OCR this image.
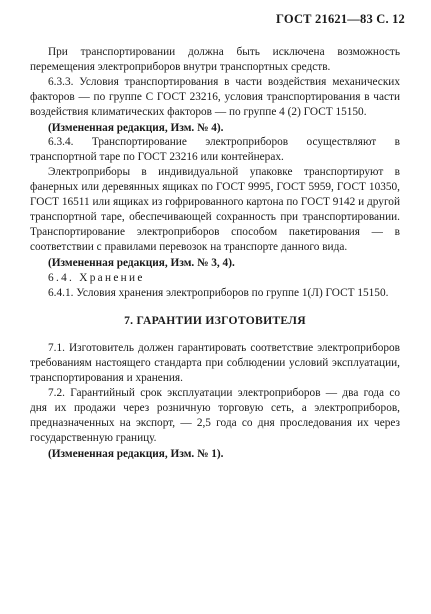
ГОСТ 21621—83 С. 12

При транспортировании должна быть исключена возможность перемещения электроприборов внутри транспортных средств.

6.3.3. Условия транспортирования в части воздействия механических факторов — по группе С ГОСТ 23216, условия транспортирования в части воздействия климатических факторов — по группе 4 (2) ГОСТ 15150.

(Измененная редакция, Изм. № 4).

6.3.4. Транспортирование электроприборов осуществляют в транспортной таре по ГОСТ 23216 или контейнерах.

Электроприборы в индивидуальной упаковке транспортируют в фанерных или деревянных ящиках по ГОСТ 9995, ГОСТ 5959, ГОСТ 10350, ГОСТ 16511 или ящиках из гофрированного картона по ГОСТ 9142 и другой транспортной таре, обеспечивающей сохранность при транспортировании. Транспортирование электроприборов способом пакетирования — в соответствии с правилами перевозок на транспорте данного вида.

(Измененная редакция, Изм. № 3, 4).

6.4. Хранение

6.4.1. Условия хранения электроприборов по группе 1(Л) ГОСТ 15150.

7. ГАРАНТИИ ИЗГОТОВИТЕЛЯ

7.1. Изготовитель должен гарантировать соответствие электроприборов требованиям настоящего стандарта при соблюдении условий эксплуатации, транспортирования и хранения.

7.2. Гарантийный срок эксплуатации электроприборов — два года со дня их продажи через розничную торговую сеть, а электроприборов, предназначенных на экспорт, — 2,5 года со дня проследования их через государственную границу.

(Измененная редакция, Изм. № 1).
